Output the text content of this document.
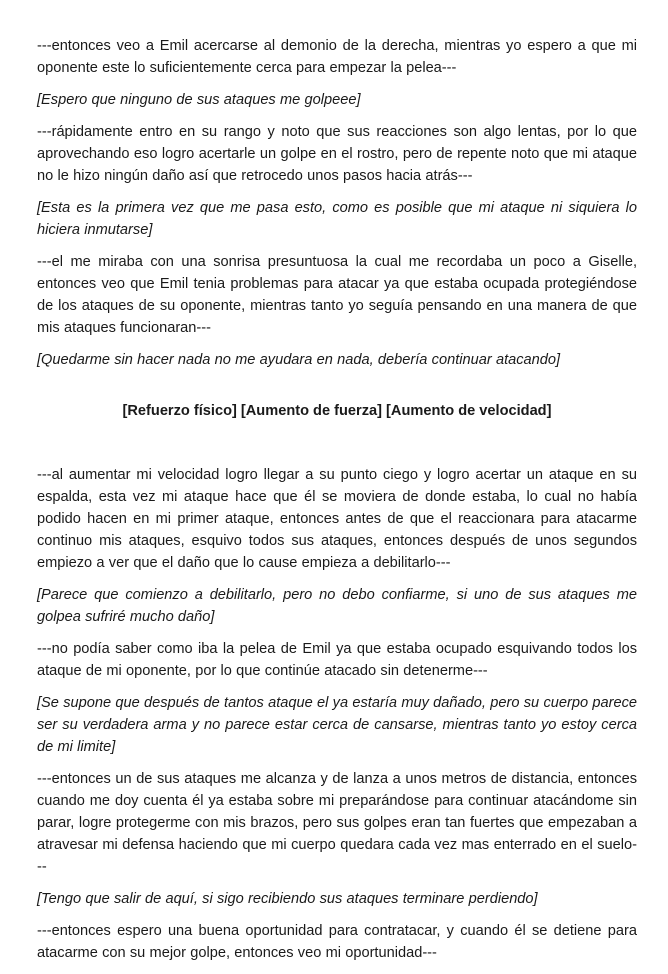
---entonces veo a Emil acercarse al demonio de la derecha, mientras yo espero a que mi oponente este lo suficientemente cerca para empezar la pelea---

[Espero que ninguno de sus ataques me golpeee]

---rápidamente entro en su rango y noto que sus reacciones son algo lentas, por lo que aprovechando eso logro acertarle un golpe en el rostro, pero de repente noto que mi ataque no le hizo ningún daño así que retrocedo unos pasos hacia atrás---

[Esta es la primera vez que me pasa esto, como es posible que mi ataque ni siquiera lo hiciera inmutarse]

---el me miraba con una sonrisa presuntuosa la cual me recordaba un poco a Giselle, entonces veo que Emil tenia problemas para atacar ya que estaba ocupada protegiéndose de los ataques de su oponente, mientras tanto yo seguía pensando en una manera de que mis ataques funcionaran---

[Quedarme sin hacer nada no me ayudara en nada, debería continuar atacando]

[Refuerzo físico] [Aumento de fuerza] [Aumento de velocidad]

---al aumentar mi velocidad logro llegar a su punto ciego y logro acertar un ataque en su espalda, esta vez mi ataque hace que él se moviera de donde estaba, lo cual no había podido hacen en mi primer ataque, entonces antes de que el reaccionara para atacarme continuo mis ataques, esquivo todos sus ataques, entonces después de unos segundos empiezo a ver que el daño que lo cause empieza a debilitarlo---

[Parece que comienzo a debilitarlo, pero no debo confiarme, si uno de sus ataques me golpea sufriré mucho daño]

---no podía saber como iba la pelea de Emil ya que estaba ocupado esquivando todos los ataque de mi oponente, por lo que continúe atacado sin detenerme---

[Se supone que después de tantos ataque el ya estaría muy dañado, pero su cuerpo parece ser su verdadera arma y no parece estar cerca de cansarse, mientras tanto yo estoy cerca de mi limite]

---entonces un de sus ataques me alcanza y de lanza a unos metros de distancia, entonces cuando me doy cuenta él ya estaba sobre mi preparándose para continuar atacándome sin parar, logre protegerme con mis brazos, pero sus golpes eran tan fuertes que empezaban a atravesar mi defensa haciendo que mi cuerpo quedara cada vez mas enterrado en el suelo---

[Tengo que salir de aquí, si sigo recibiendo sus ataques terminare perdiendo]

---entonces espero una buena oportunidad para contratacar, y cuando él se detiene para atacarme con su mejor golpe, entonces veo mi oportunidad---
